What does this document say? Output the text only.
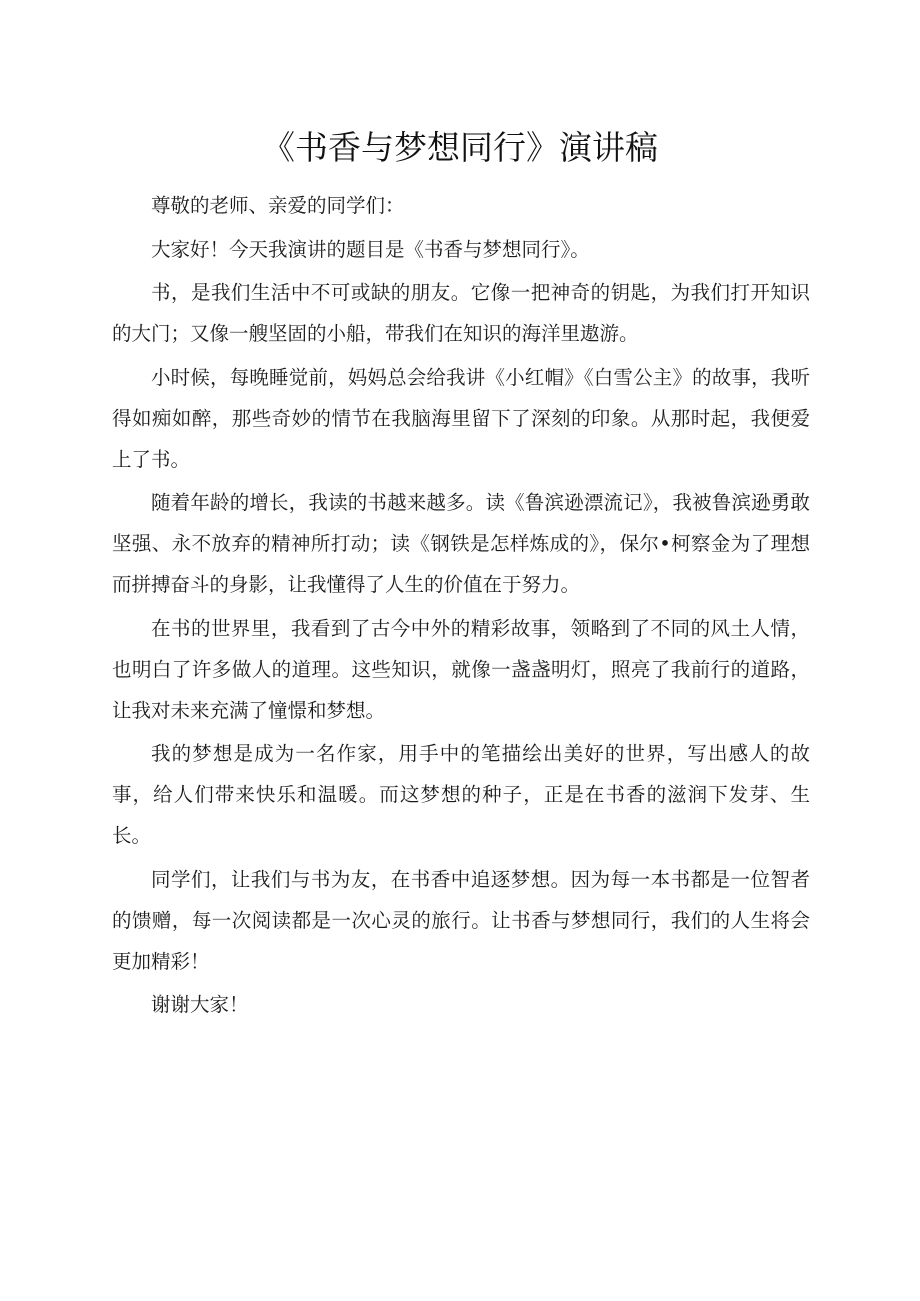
《书香与梦想同行》演讲稿

尊敬的老师、亲爱的同学们：

大家好！今天我演讲的题目是《书香与梦想同行》。

书，是我们生活中不可或缺的朋友。它像一把神奇的钥匙，为我们打开知识的大门；又像一艘坚固的小船，带我们在知识的海洋里遨游。

小时候，每晚睡觉前，妈妈总会给我讲《小红帽》《白雪公主》的故事，我听得如痴如醉，那些奇妙的情节在我脑海里留下了深刻的印象。从那时起，我便爱上了书。

随着年龄的增长，我读的书越来越多。读《鲁滨逊漂流记》，我被鲁滨逊勇敢坚强、永不放弃的精神所打动；读《钢铁是怎样炼成的》，保尔•柯察金为了理想而拼搏奋斗的身影，让我懂得了人生的价值在于努力。

在书的世界里，我看到了古今中外的精彩故事，领略到了不同的风土人情，也明白了许多做人的道理。这些知识，就像一盏盏明灯，照亮了我前行的道路，让我对未来充满了憧憬和梦想。

我的梦想是成为一名作家，用手中的笔描绘出美好的世界，写出感人的故事，给人们带来快乐和温暖。而这梦想的种子，正是在书香的滋润下发芽、生长。

同学们，让我们与书为友，在书香中追逐梦想。因为每一本书都是一位智者的馈赠，每一次阅读都是一次心灵的旅行。让书香与梦想同行，我们的人生将会更加精彩！

谢谢大家！
